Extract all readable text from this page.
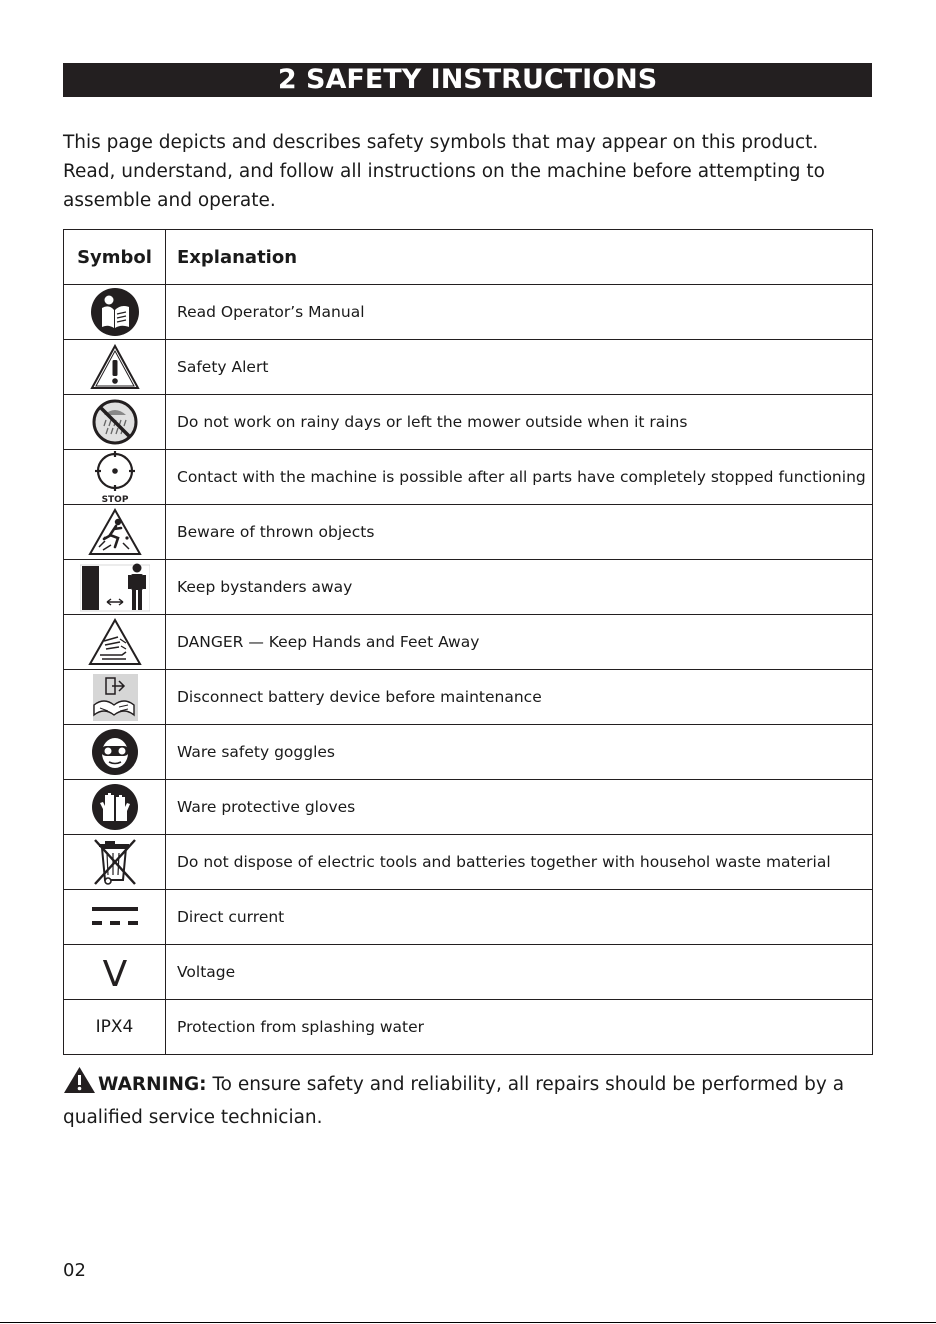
2 SAFETY INSTRUCTIONS

This page depicts and describes safety symbols that may appear on this product. Read, understand, and follow all instructions on the machine before attempting to assemble and operate.

Symbol	Explanation

	Read Operator’s Manual

	Safety Alert

	Do not work on rainy days or left the mower outside when it rains

STOP	Contact with the machine is possible after all parts have completely stopped functioning

	Beware of thrown objects

	Keep bystanders away

	DANGER — Keep Hands and Feet Away

	Disconnect battery device before maintenance

	Ware safety goggles

	Ware protective gloves

	Do not dispose of electric tools and batteries together with househol waste material

	Direct current

V	Voltage
IPX4	Protection from splashing water

WARNING: To ensure safety and reliability, all repairs should be performed by a qualified service technician.

02
